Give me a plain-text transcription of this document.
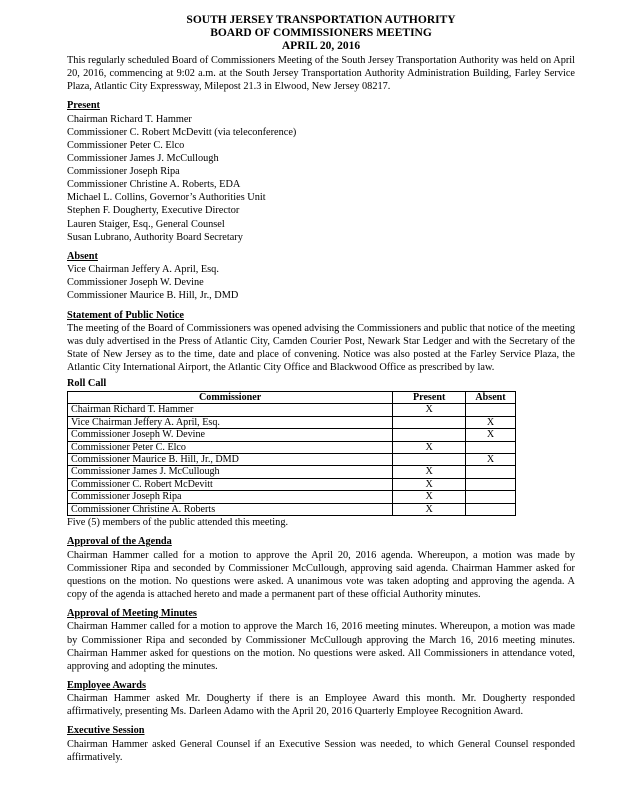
SOUTH JERSEY TRANSPORTATION AUTHORITY
BOARD OF COMMISSIONERS MEETING
APRIL 20, 2016

This regularly scheduled Board of Commissioners Meeting of the South Jersey Transportation Authority was held on April 20, 2016, commencing at 9:02 a.m. at the South Jersey Transportation Authority Administration Building, Farley Service Plaza, Atlantic City Expressway, Milepost 21.3 in Elwood, New Jersey 08217.

Present
Chairman Richard T. Hammer
Commissioner C. Robert McDevitt (via teleconference)
Commissioner Peter C. Elco
Commissioner James J. McCullough
Commissioner Joseph Ripa
Commissioner Christine A. Roberts, EDA
Michael L. Collins, Governor’s Authorities Unit
Stephen F. Dougherty, Executive Director
Lauren Staiger, Esq., General Counsel
Susan Lubrano, Authority Board Secretary
Absent
Vice Chairman Jeffery A. April, Esq.
Commissioner Joseph W. Devine
Commissioner Maurice B. Hill, Jr., DMD
Statement of Public Notice

The meeting of the Board of Commissioners was opened advising the Commissioners and public that notice of the meeting was duly advertised in the Press of Atlantic City, Camden Courier Post, Newark Star Ledger and with the Secretary of the State of New Jersey as to the time, date and place of convening. Notice was also posted at the Farley Service Plaza, the Atlantic City International Airport, the Atlantic City Office and Blackwood Office as prescribed by law.

Roll Call
Commissioner	Present	Absent
Chairman Richard T. Hammer	X	
Vice Chairman Jeffery A. April, Esq.		X
Commissioner Joseph W. Devine		X
Commissioner Peter C. Elco	X	
Commissioner Maurice B. Hill, Jr., DMD		X
Commissioner James J. McCullough	X	
Commissioner C. Robert McDevitt	X	
Commissioner Joseph Ripa	X	
Commissioner Christine A. Roberts	X	
Five (5) members of the public attended this meeting.
Approval of the Agenda

Chairman Hammer called for a motion to approve the April 20, 2016 agenda. Whereupon, a motion was made by Commissioner Ripa and seconded by Commissioner McCullough, approving said agenda. Chairman Hammer asked for questions on the motion. No questions were asked. A unanimous vote was taken adopting and approving the agenda. A copy of the agenda is attached hereto and made a permanent part of these official Authority minutes.

Approval of Meeting Minutes

Chairman Hammer called for a motion to approve the March 16, 2016 meeting minutes. Whereupon, a motion was made by Commissioner Ripa and seconded by Commissioner McCullough approving the March 16, 2016 meeting minutes. Chairman Hammer asked for questions on the motion. No questions were asked. All Commissioners in attendance voted, approving and adopting the minutes.

Employee Awards

Chairman Hammer asked Mr. Dougherty if there is an Employee Award this month. Mr. Dougherty responded affirmatively, presenting Ms. Darleen Adamo with the April 20, 2016 Quarterly Employee Recognition Award.

Executive Session

Chairman Hammer asked General Counsel if an Executive Session was needed, to which General Counsel responded affirmatively.
